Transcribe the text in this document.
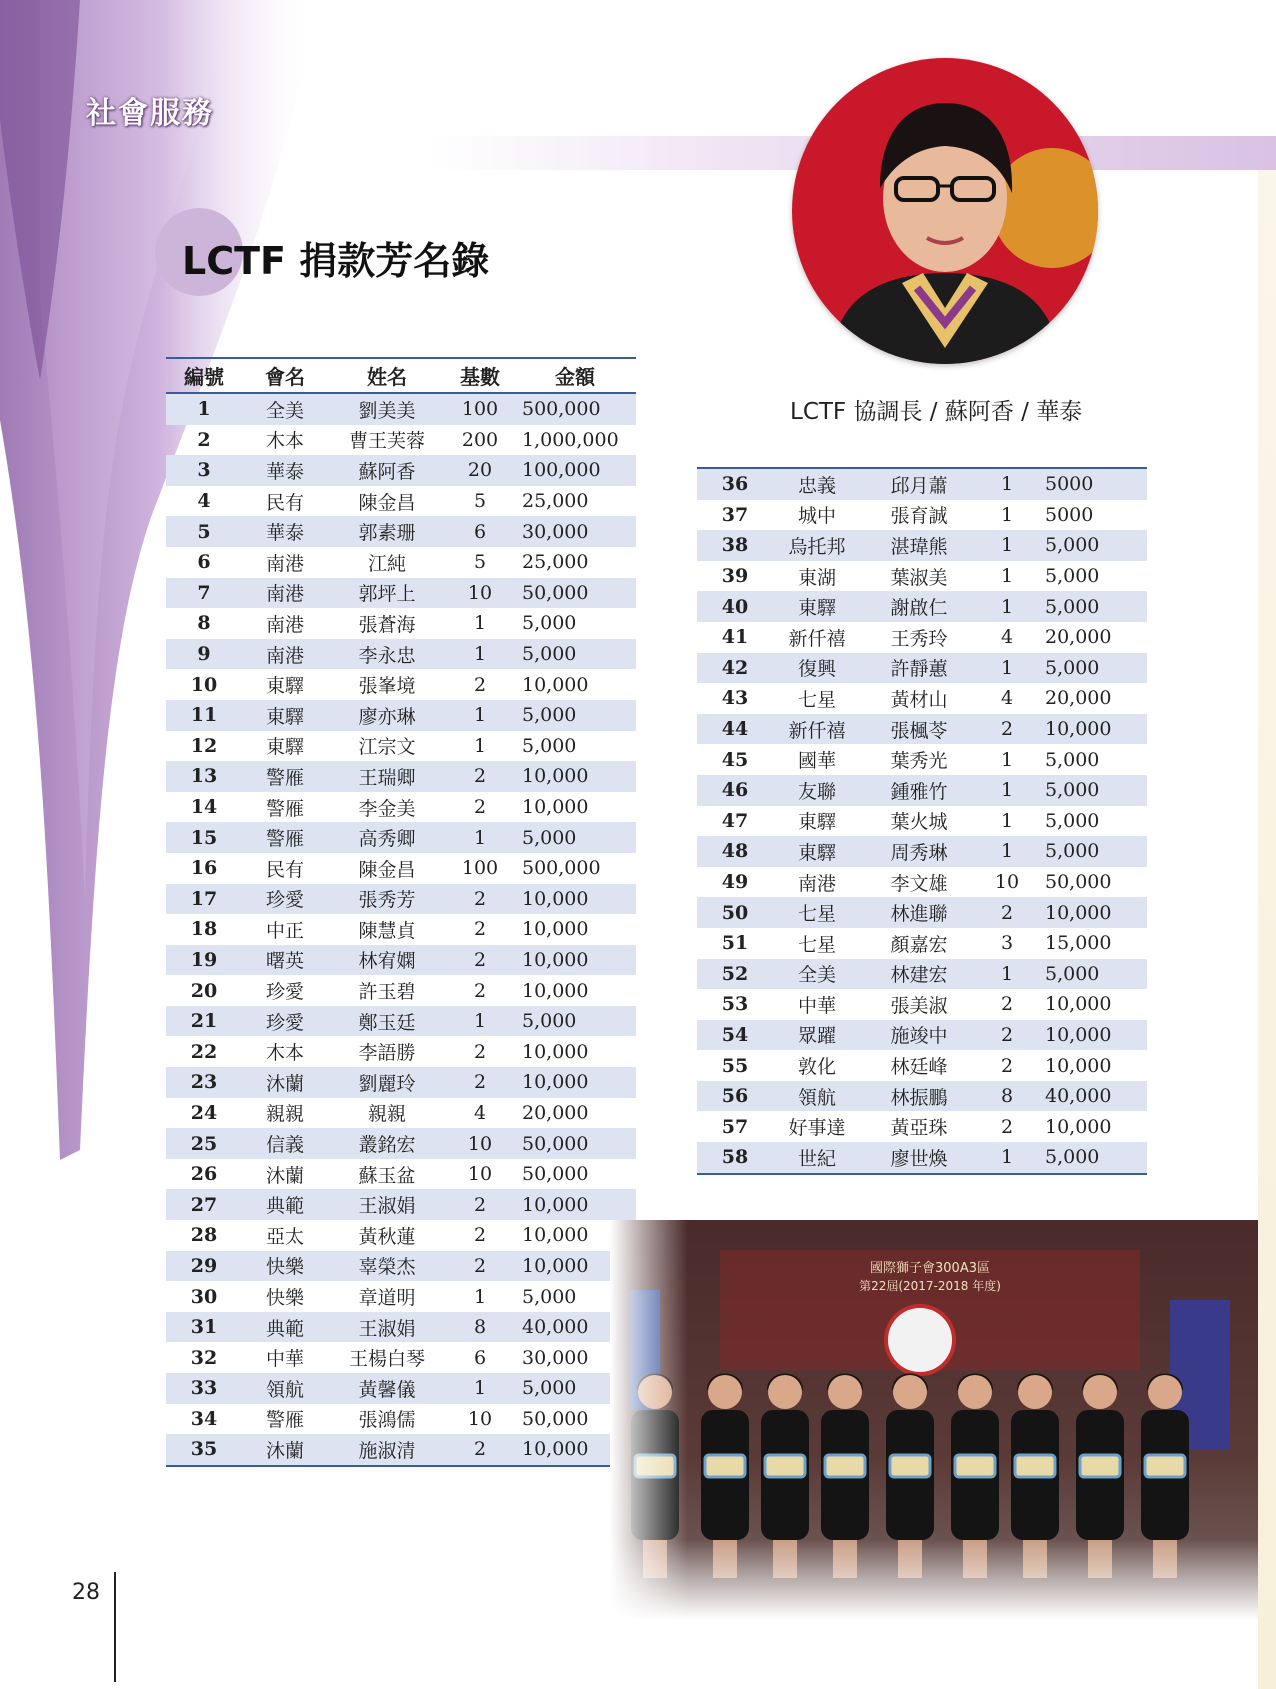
社會服務
LCTF 捐款芳名錄
LCTF 協調長 / 蘇阿香 / 華泰
編號	會名	姓名	基數	金額
1	全美	劉美美	100	500,000
2	木本	曹王芙蓉	200	1,000,000
3	華泰	蘇阿香	20	100,000
4	民有	陳金昌	5	25,000
5	華泰	郭素珊	6	30,000
6	南港	江純	5	25,000
7	南港	郭坪上	10	50,000
8	南港	張蒼海	1	5,000
9	南港	李永忠	1	5,000
10	東驛	張峯境	2	10,000
11	東驛	廖亦琳	1	5,000
12	東驛	江宗文	1	5,000
13	警雁	王瑞卿	2	10,000
14	警雁	李金美	2	10,000
15	警雁	高秀卿	1	5,000
16	民有	陳金昌	100	500,000
17	珍愛	張秀芳	2	10,000
18	中正	陳慧貞	2	10,000
19	曙英	林宥嫻	2	10,000
20	珍愛	許玉碧	2	10,000
21	珍愛	鄭玉廷	1	5,000
22	木本	李語勝	2	10,000
23	沐蘭	劉麗玲	2	10,000
24	親親	親親	4	20,000
25	信義	叢銘宏	10	50,000
26	沐蘭	蘇玉盆	10	50,000
27	典範	王淑娟	2	10,000
28	亞太	黃秋蓮	2	10,000
29	快樂	辜榮杰	2	10,000
30	快樂	章道明	1	5,000
31	典範	王淑娟	8	40,000
32	中華	王楊白琴	6	30,000
33	領航	黃馨儀	1	5,000
34	警雁	張鴻儒	10	50,000
35	沐蘭	施淑清	2	10,000
36	忠義	邱月蕭	1	5000
37	城中	張育誠	1	5000
38	烏托邦	湛瑋熊	1	5,000
39	東湖	葉淑美	1	5,000
40	東驛	謝啟仁	1	5,000
41	新仟禧	王秀玲	4	20,000
42	復興	許靜蕙	1	5,000
43	七星	黃材山	4	20,000
44	新仟禧	張楓苓	2	10,000
45	國華	葉秀光	1	5,000
46	友聯	鍾雅竹	1	5,000
47	東驛	葉火城	1	5,000
48	東驛	周秀琳	1	5,000
49	南港	李文雄	10	50,000
50	七星	林進聯	2	10,000
51	七星	顏嘉宏	3	15,000
52	全美	林建宏	1	5,000
53	中華	張美淑	2	10,000
54	眾躍	施竣中	2	10,000
55	敦化	林廷峰	2	10,000
56	領航	林振鵬	8	40,000
57	好事達	黃亞珠	2	10,000
58	世紀	廖世煥	1	5,000
28
